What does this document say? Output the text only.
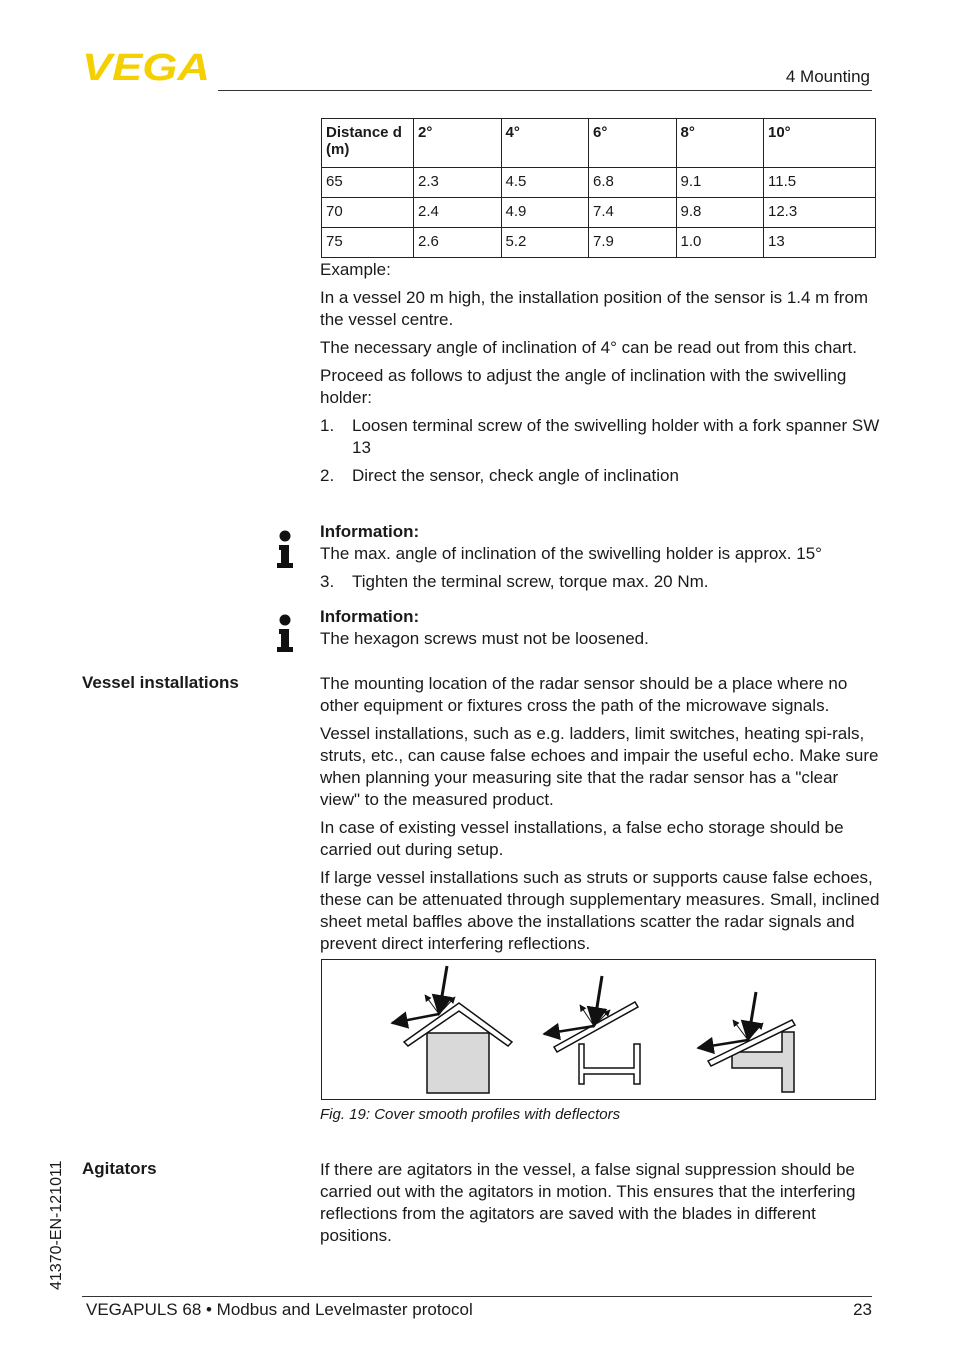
VEGA	4 Mounting
Distance d (m)	2°	4°	6°	8°	10°
65	2.3	4.5	6.8	9.1	11.5
70	2.4	4.9	7.4	9.8	12.3
75	2.6	5.2	7.9	1.0	13

Example:

In a vessel 20 m high, the installation position of the sensor is 1.4 m from the vessel centre.

The necessary angle of inclination of 4° can be read out from this chart.

Proceed as follows to adjust the angle of inclination with the swivelling holder:

1.	Loosen terminal screw of the swivelling holder with a fork spanner SW 13
2.	Direct the sensor, check angle of inclination
Information:

The max. angle of inclination of the swivelling holder is approx. 15°

3.	Tighten the terminal screw, torque max. 20 Nm.
Information:

The hexagon screws must not be loosened.

Vessel installations	The mounting location of the radar sensor should be a place where no other equipment or fixtures cross the path of the microwave signals.

Vessel installations, such as e.g. ladders, limit switches, heating spi-rals, struts, etc., can cause false echoes and impair the useful echo. Make sure when planning your measuring site that the radar sensor has a "clear view" to the measured product.

In case of existing vessel installations, a false echo storage should be carried out during setup.

If large vessel installations such as struts or supports cause false echoes, these can be attenuated through supplementary measures. Small, inclined sheet metal baffles above the installations scatter the radar signals and prevent direct interfering reflections.

Fig. 19: Cover smooth profiles with deflectors
Agitators	If there are agitators in the vessel, a false signal suppression should be carried out with the agitators in motion. This ensures that the interfering reflections from the agitators are saved with the blades in different positions.

41370-EN-121011
VEGAPULS 68 • Modbus and Levelmaster protocol	23
